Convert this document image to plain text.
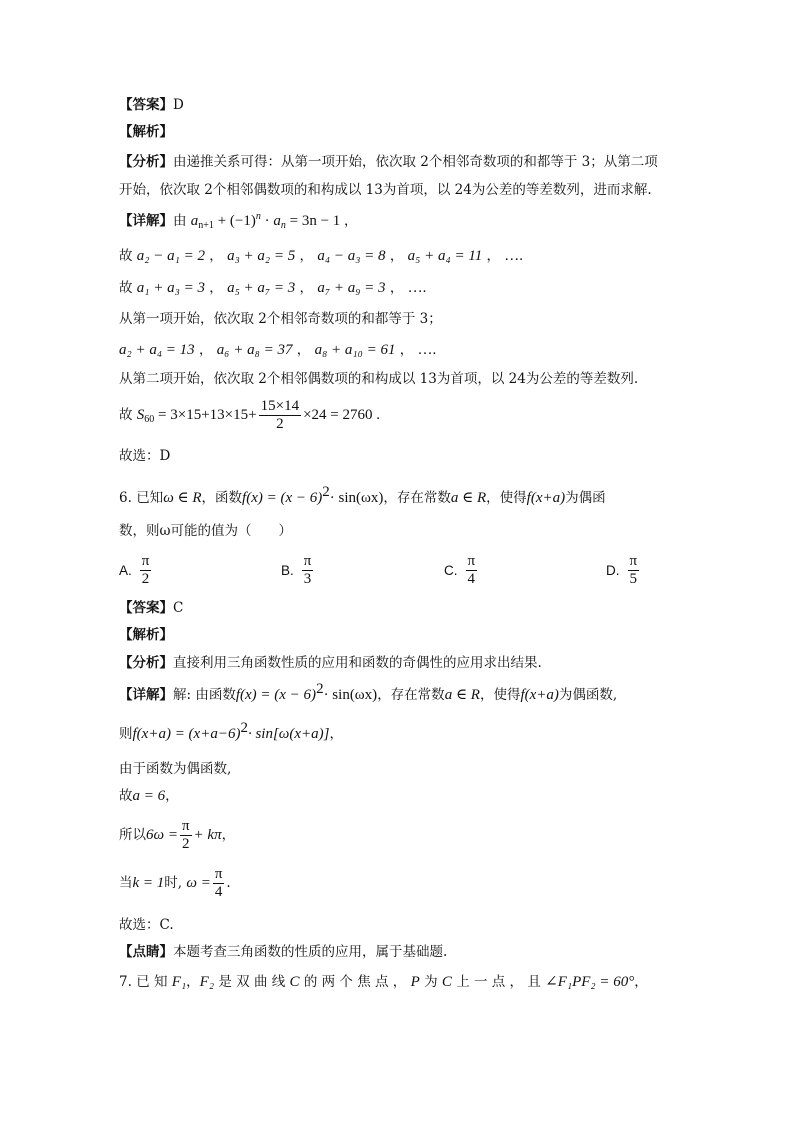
【答案】D
【解析】
【分析】由递推关系可得：从第一项开始，依次取 2个相邻奇数项的和都等于 3；从第二项
开始，依次取 2个相邻偶数项的和构成以 13为首项，以 24为公差的等差数列，进而求解.
【详解】由 $a_{n+1} + (-1)^n \cdot a_n = 3n - 1$ ，
故 a₂ − a₁ = 2 ， a₃ + a₂ = 5 ， a₄ − a₃ = 8 ， a₅ + a₄ = 11 ， ….
故 a₁ + a₃ = 3 ， a₅ + a₇ = 3 ， a₇ + a₉ = 3 ， ….
从第一项开始，依次取 2个相邻奇数项的和都等于 3；
a₂ + a₄ = 13 ， a₆ + a₈ = 37 ， a₈ + a₁₀ = 61 ， ….
从第二项开始，依次取 2个相邻偶数项的和构成以 13为首项，以 24为公差的等差数列.
故 $S_{60} = 3\times 15+13\times 15+ \frac{15\times 14}{2} \times 24 = 2760$ .
故选：D
6. 已知ω ∈ R，函数$f(x) = (x - 6)^2\cdot \sin(\omega x)$，存在常数a ∈ R，使得f(x+a)为偶函
数，则ω可能的值为（　　）
A. $\frac{\pi}{2}$	B. $\frac{\pi}{3}$	C. $\frac{\pi}{4}$	D. $\frac{\pi}{5}$
【答案】C
【解析】
【分析】直接利用三角函数性质的应用和函数的奇偶性的应用求出结果.
【详解】解: 由函数$f(x) = (x - 6)^2\cdot \sin(\omega x)$，存在常数a ∈ R，使得f(x+a)为偶函数,
则$f(x+a) = (x+a-6)^2\cdot \sin[\omega(x+a)]$，
由于函数为偶函数,
故a = 6，
所以$6\omega = \frac{\pi}{2} + k\pi$，
当k = 1时, $\omega = \frac{\pi}{4}$ .
故选：C.
【点睛】本题考查三角函数的性质的应用，属于基础题.
7. 已 知 F₁，F₂ 是 双 曲 线 C 的 两 个 焦 点 ， P 为 C 上 一 点 ， 且 ∠F₁PF₂ = 60°，
